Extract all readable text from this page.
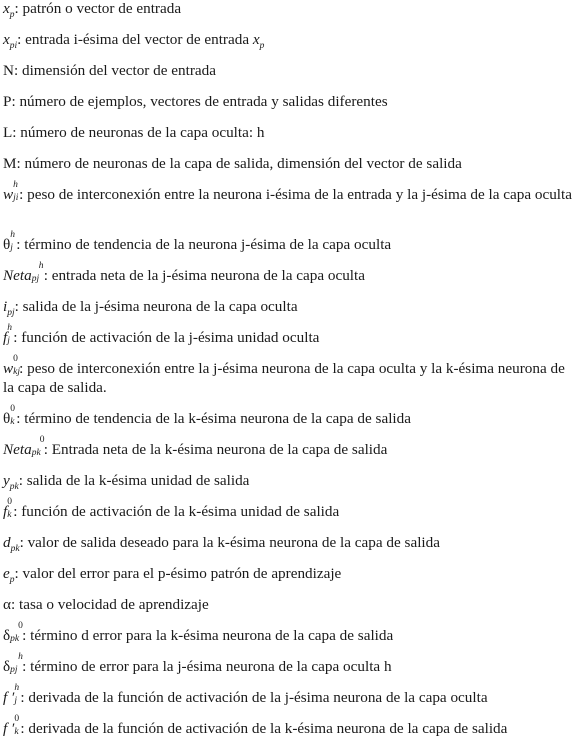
$x_p$: patrón o vector de entrada

$x_{pi}$: entrada i-ésima del vector de entrada $x_p$

N: dimensión del vector de entrada

P: número de ejemplos, vectores de entrada y salidas diferentes

L: número de neuronas de la capa oculta: h

M: número de neuronas de la capa de salida, dimensión del vector de salida

w
h
ji : peso de interconexión entre la neurona i-ésima de la entrada y la j-ésima de la capa oculta

θ
h
j : término de tendencia de la neurona j-ésima de la capa oculta

Neta
h
pj : entrada neta de la j-ésima neurona de la capa oculta

$i_{pj}$: salida de la j-ésima neurona de la capa oculta

f
h
j : función de activación de la j-ésima unidad oculta

w
0
kj : peso de interconexión entre la j-ésima neurona de la capa oculta y la k-ésima neurona de la capa de salida.

θ
0
k : término de tendencia de la k-ésima neurona de la capa de salida

Neta
0
pk : Entrada neta de la k-ésima neurona de la capa de salida

$y_{pk}$: salida de la k-ésima unidad de salida

f
0
k : función de activación de la k-ésima unidad de salida

$d_{pk}$: valor de salida deseado para la k-ésima neurona de la capa de salida

$e_p$: valor del error para el p-ésimo patrón de aprendizaje

α: tasa o velocidad de aprendizaje

δ
0
pk : término d error para la k-ésima neurona de la capa de salida

δ
h
pj : término de error para la j-ésima neurona de la capa oculta h

f ′
h
j : derivada de la función de activación de la j-ésima neurona de la capa oculta

f ′
0
k : derivada de la función de activación de la k-ésima neurona de la capa de salida
